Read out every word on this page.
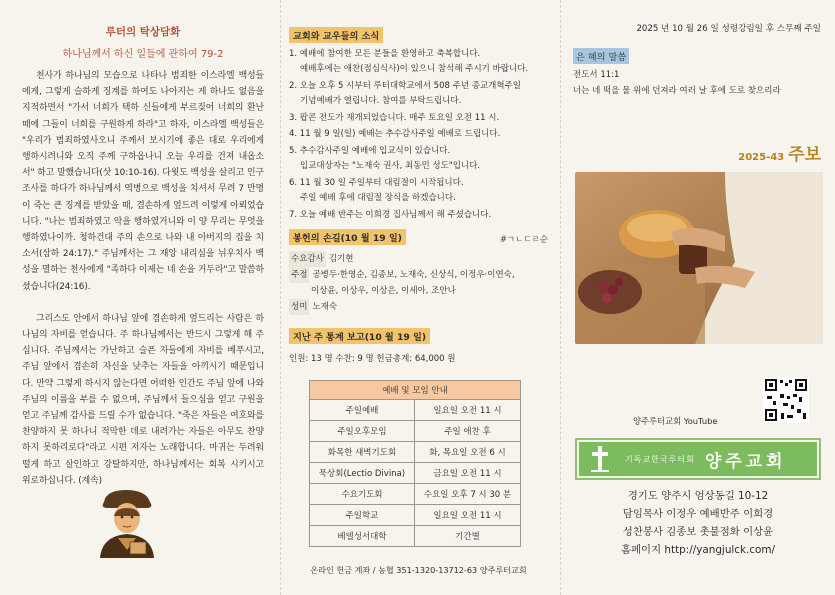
루터의 탁상담화
하나님께서 하신 일들에 관하여 79-2

천사가 하나님의 모습으로 나타나 범죄한 이스라엘 백성들에게, 그렇게 슬하게 징계를 하여도 나아지는 게 하나도 없음을 지적하면서 "가서 너희가 택하 신들에게 부르짖어 너희의 환난 때에 그들이 너희를 구원하게 하라"고 하자, 이스라엘 백성들은 "우리가 범죄하였사오니 주께서 보시기에 좋은 대로 우리에게 행하시려니와 오직 주께 구하옵나니 오늘 우리를 건져 내옵소서" 하고 말했습니다(삿 10:10-16). 다윗도 백성을 살리고 인구 조사를 하다가 하나님께서 역병으로 백성을 치셔서 무려 7 만명이 죽는 큰 징계를 받았을 때, 겸손하게 엎드려 이렇게 아뢰었습니다. "나는 범죄하였고 악을 행하였거니와 이 양 무리는 무엇을 행하였나이까. 청하건대 주의 손으로 나와 내 아버지의 집을 치소서(삼하 24:17)." 주님께서는 그 재앙 내리심을 뉘우치사 백성을 멸하는 천사에게 "족하다 이제는 네 손을 거두라"고 말씀하셨습니다(24:16).

그리스도 안에서 하나님 앞에 겸손하게 엎드리는 사람은 하나님의 자비를 얻습니다. 주 하나님께서는 반드시 그렇게 해 주십니다. 주님께서는 가난하고 슬픈 자들에게 자비를 베푸시고, 주님 앞에서 겸손히 자신을 낮추는 자들을 아끼시기 때문입니다. 만약 그렇게 하시지 않는다면 어떠한 인간도 주님 앞에 나와 주님의 이름을 부를 수 없으며, 주님께서 들으심을 얻고 구원을 얻고 주님께 감사를 드릴 수가 없습니다. "죽은 자들은 여호와를 찬양하지 못 하나니 적막한 데로 내려가는 자들은 아무도 찬양하지 못하리로다"라고 시편 저자는 노래합니다. 마귀는 두려워 떨게 하고 살인하고 강탈하지만, 하나님께서는 회복 시키시고 위로하십니다. (계속)

교회와 교우들의 소식
1. 예배에 참여한 모든 분들을 환영하고 축복합니다.
예배후에는 애찬(점심식사)이 있으니 참석해 주시기 바랍니다.
2. 오늘 오후 5 시부터 루터대학교에서 508 주년 종교개혁주일
기념예배가 열립니다. 참여를 부탁드립니다.
3. 팝콘 전도가 재개되었습니다. 매주 토요일 오전 11 시.
4. 11 월 9 일(일) 예배는 추수감사주일 예배로 드립니다.
5. 추수감사주일 예배에 입교식이 있습니다.
입교대상자는 "노재숙 권사, 최동민 성도"입니다.
6. 11 월 30 일 주일부터 대림절이 시작됩니다.
주일 예배 후에 대림절 장식을 하겠습니다.
7. 오늘 예배 반주는 이희경 집사님께서 해 주셨습니다.
봉헌의 손길(10 월 19 일)	#ㄱㄴㄷㄹ순
수요감사 김기현
주정 공병두·한영순, 김종보, 노재숙, 신상식, 이정우·이연숙,
이상윤, 이상우, 이상은, 이세아, 조안나
성미 노재숙
지난 주 통계 보고(10 월 19 일)
인원: 13 명 수찬: 9 명 헌금총계: 64,000 원
예배 및 모임 안내	
주일예배	일요일 오전 11 시
주일오후모임	주일 애찬 후
화목한 새벽기도회	화, 목요일 오전 6 시
묵상회(Lectio Divina)	금요일 오전 11 시
수요기도회	수요일 오후 7 시 30 분
주일학교	일요일 오전 11 시
베델성서대학	기간별
온라인 헌금 계좌 / 농협 351-1320-13712-63 양주루터교회
2025 년 10 월 26 일 성령강림일 후 스무째 주일
은 혜의 말씀
전도서 11:1
너는 네 떡을 물 위에 던져라 여러 날 후에 도로 찾으리라
2025-43 주보
양주루터교회 YouTube
기독교한국루터회 양주교회
경기도 양주시 엄상동길 10-12
담임목사 이정우 예배반주 이희경
성찬봉사 김종보 촛불점화 이상윤
홈페이지 http://yangjulck.com/
